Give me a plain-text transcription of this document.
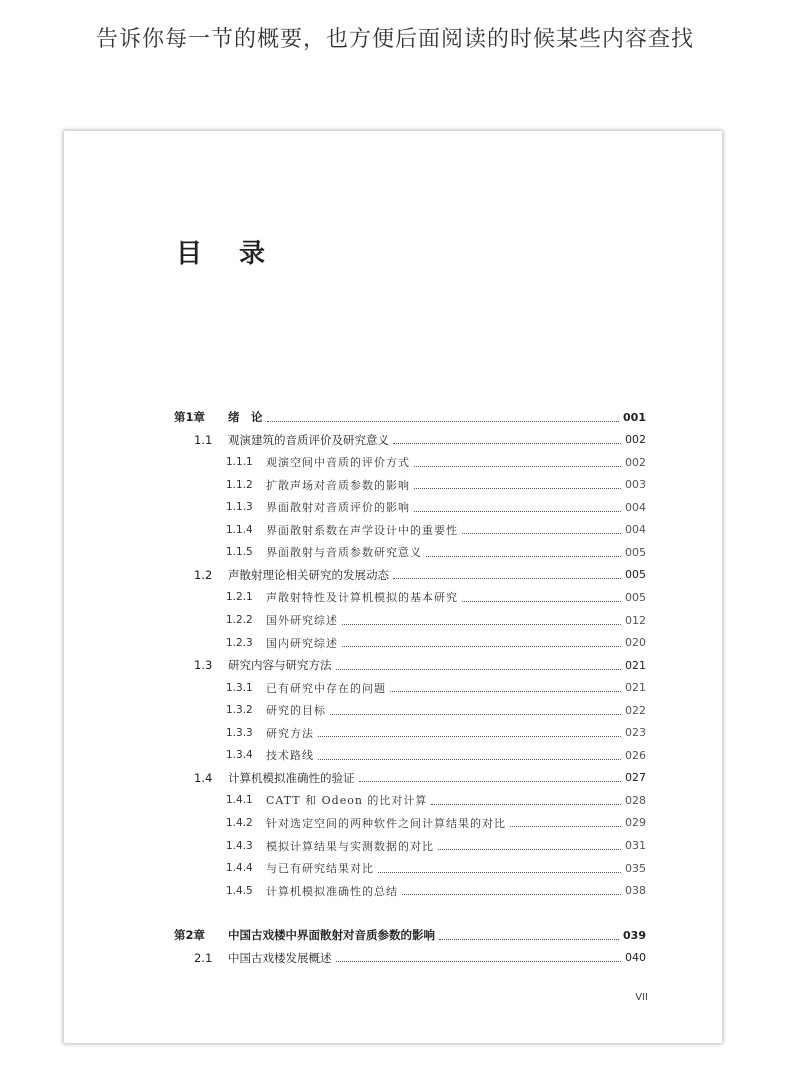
告诉你每一节的概要，也方便后面阅读的时候某些内容查找
目 录
第1章	绪　论	001
1.1	观演建筑的音质评价及研究意义	002
1.1.1	观演空间中音质的评价方式	002
1.1.2	扩散声场对音质参数的影响	003
1.1.3	界面散射对音质评价的影响	004
1.1.4	界面散射系数在声学设计中的重要性	004
1.1.5	界面散射与音质参数研究意义	005
1.2	声散射理论相关研究的发展动态	005
1.2.1	声散射特性及计算机模拟的基本研究	005
1.2.2	国外研究综述	012
1.2.3	国内研究综述	020
1.3	研究内容与研究方法	021
1.3.1	已有研究中存在的问题	021
1.3.2	研究的目标	022
1.3.3	研究方法	023
1.3.4	技术路线	026
1.4	计算机模拟准确性的验证	027
1.4.1	CATT 和 Odeon 的比对计算	028
1.4.2	针对选定空间的两种软件之间计算结果的对比	029
1.4.3	模拟计算结果与实测数据的对比	031
1.4.4	与已有研究结果对比	035
1.4.5	计算机模拟准确性的总结	038
第2章	中国古戏楼中界面散射对音质参数的影响	039
2.1	中国古戏楼发展概述	040
VII
